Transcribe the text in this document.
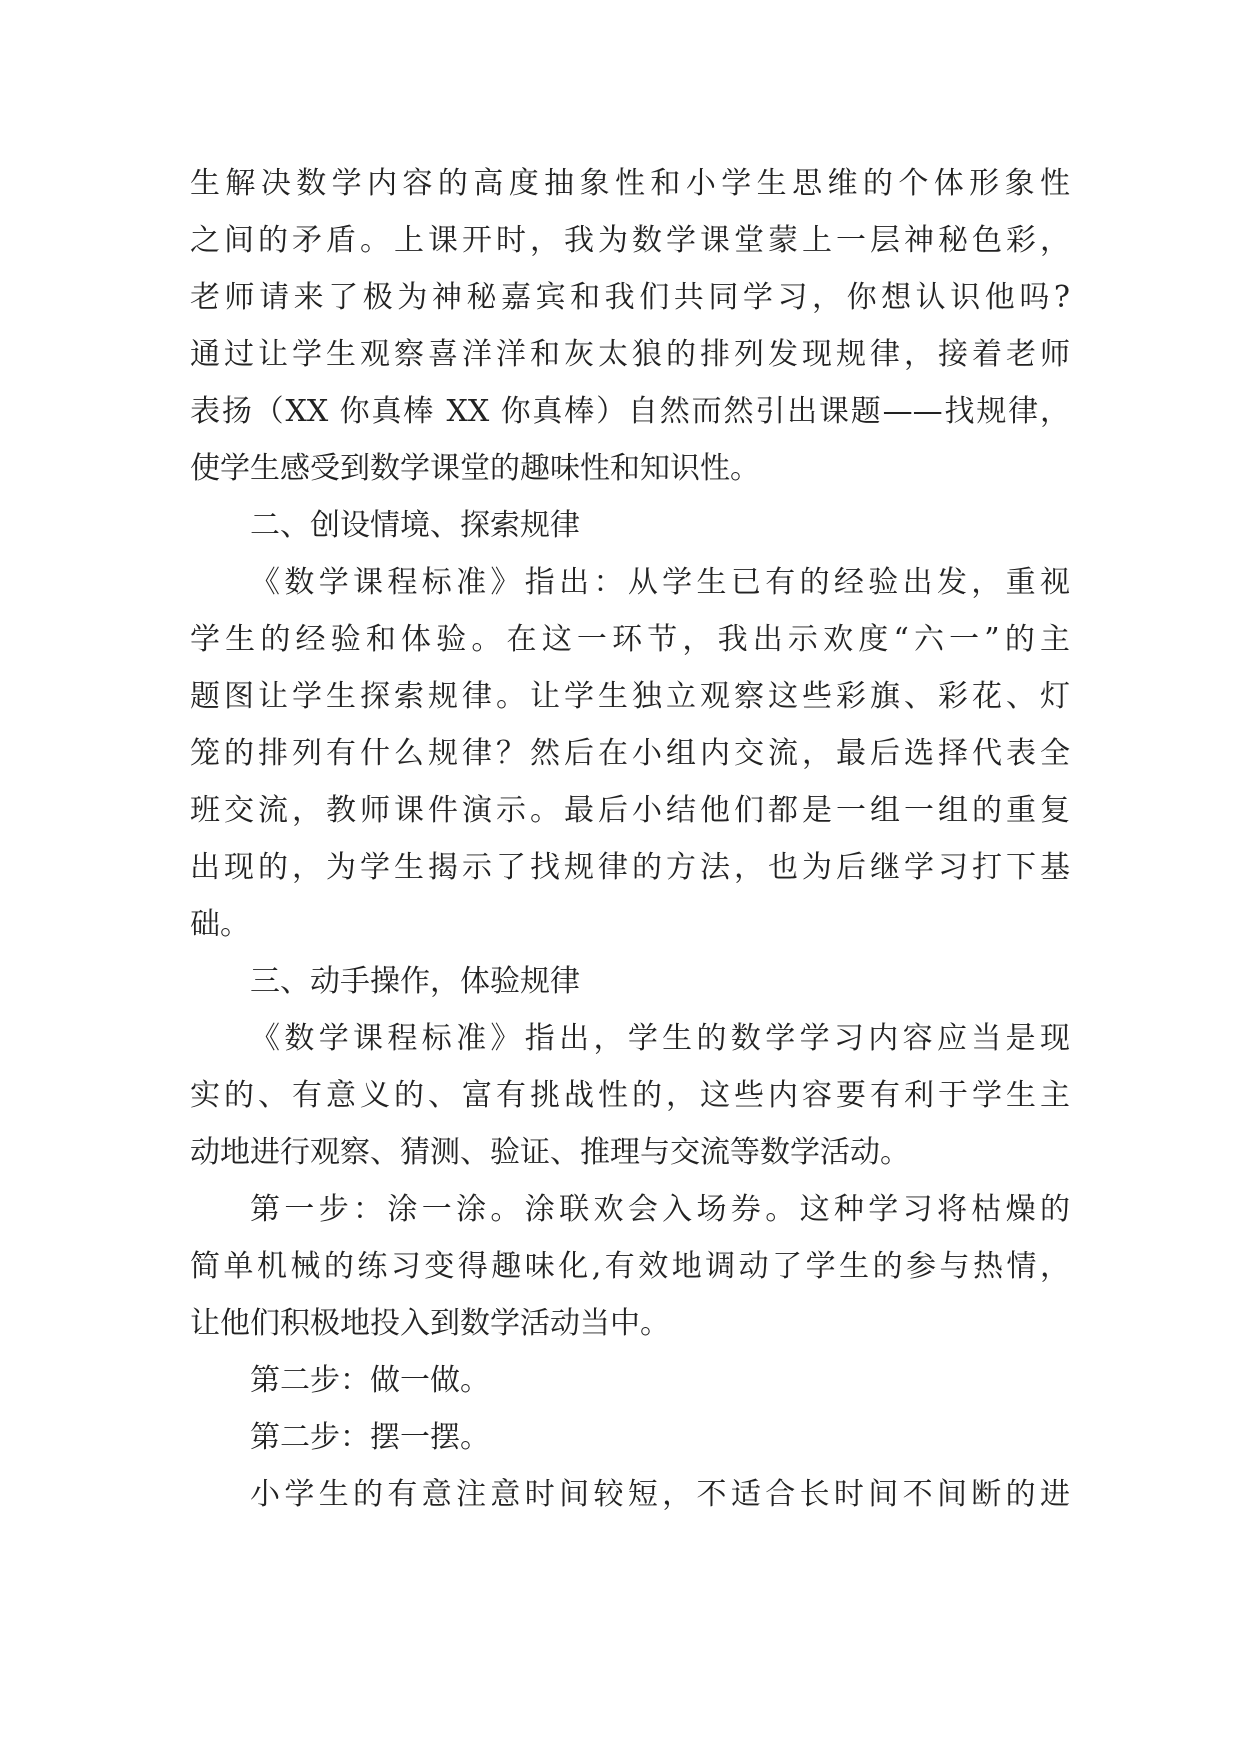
生解决数学内容的高度抽象性和小学生思维的个体形象性
之间的矛盾。上课开时，我为数学课堂蒙上一层神秘色彩，
老师请来了极为神秘嘉宾和我们共同学习，你想认识他吗?
通过让学生观察喜洋洋和灰太狼的排列发现规律，接着老师
表扬（XX 你真棒 XX 你真棒）自然而然引出课题——找规律，
使学生感受到数学课堂的趣味性和知识性。
二、创设情境、探索规律
《数学课程标准》指出：从学生已有的经验出发，重视
学生的经验和体验。在这一环节，我出示欢度“六一”的主
题图让学生探索规律。让学生独立观察这些彩旗、彩花、灯
笼的排列有什么规律？然后在小组内交流，最后选择代表全
班交流，教师课件演示。最后小结他们都是一组一组的重复
出现的，为学生揭示了找规律的方法，也为后继学习打下基
础。
三、动手操作，体验规律
《数学课程标准》指出，学生的数学学习内容应当是现
实的、有意义的、富有挑战性的，这些内容要有利于学生主
动地进行观察、猜测、验证、推理与交流等数学活动。
第一步：涂一涂。涂联欢会入场券。这种学习将枯燥的
简单机械的练习变得趣味化,有效地调动了学生的参与热情，
让他们积极地投入到数学活动当中。
第二步：做一做。
第二步：摆一摆。
小学生的有意注意时间较短，不适合长时间不间断的进
